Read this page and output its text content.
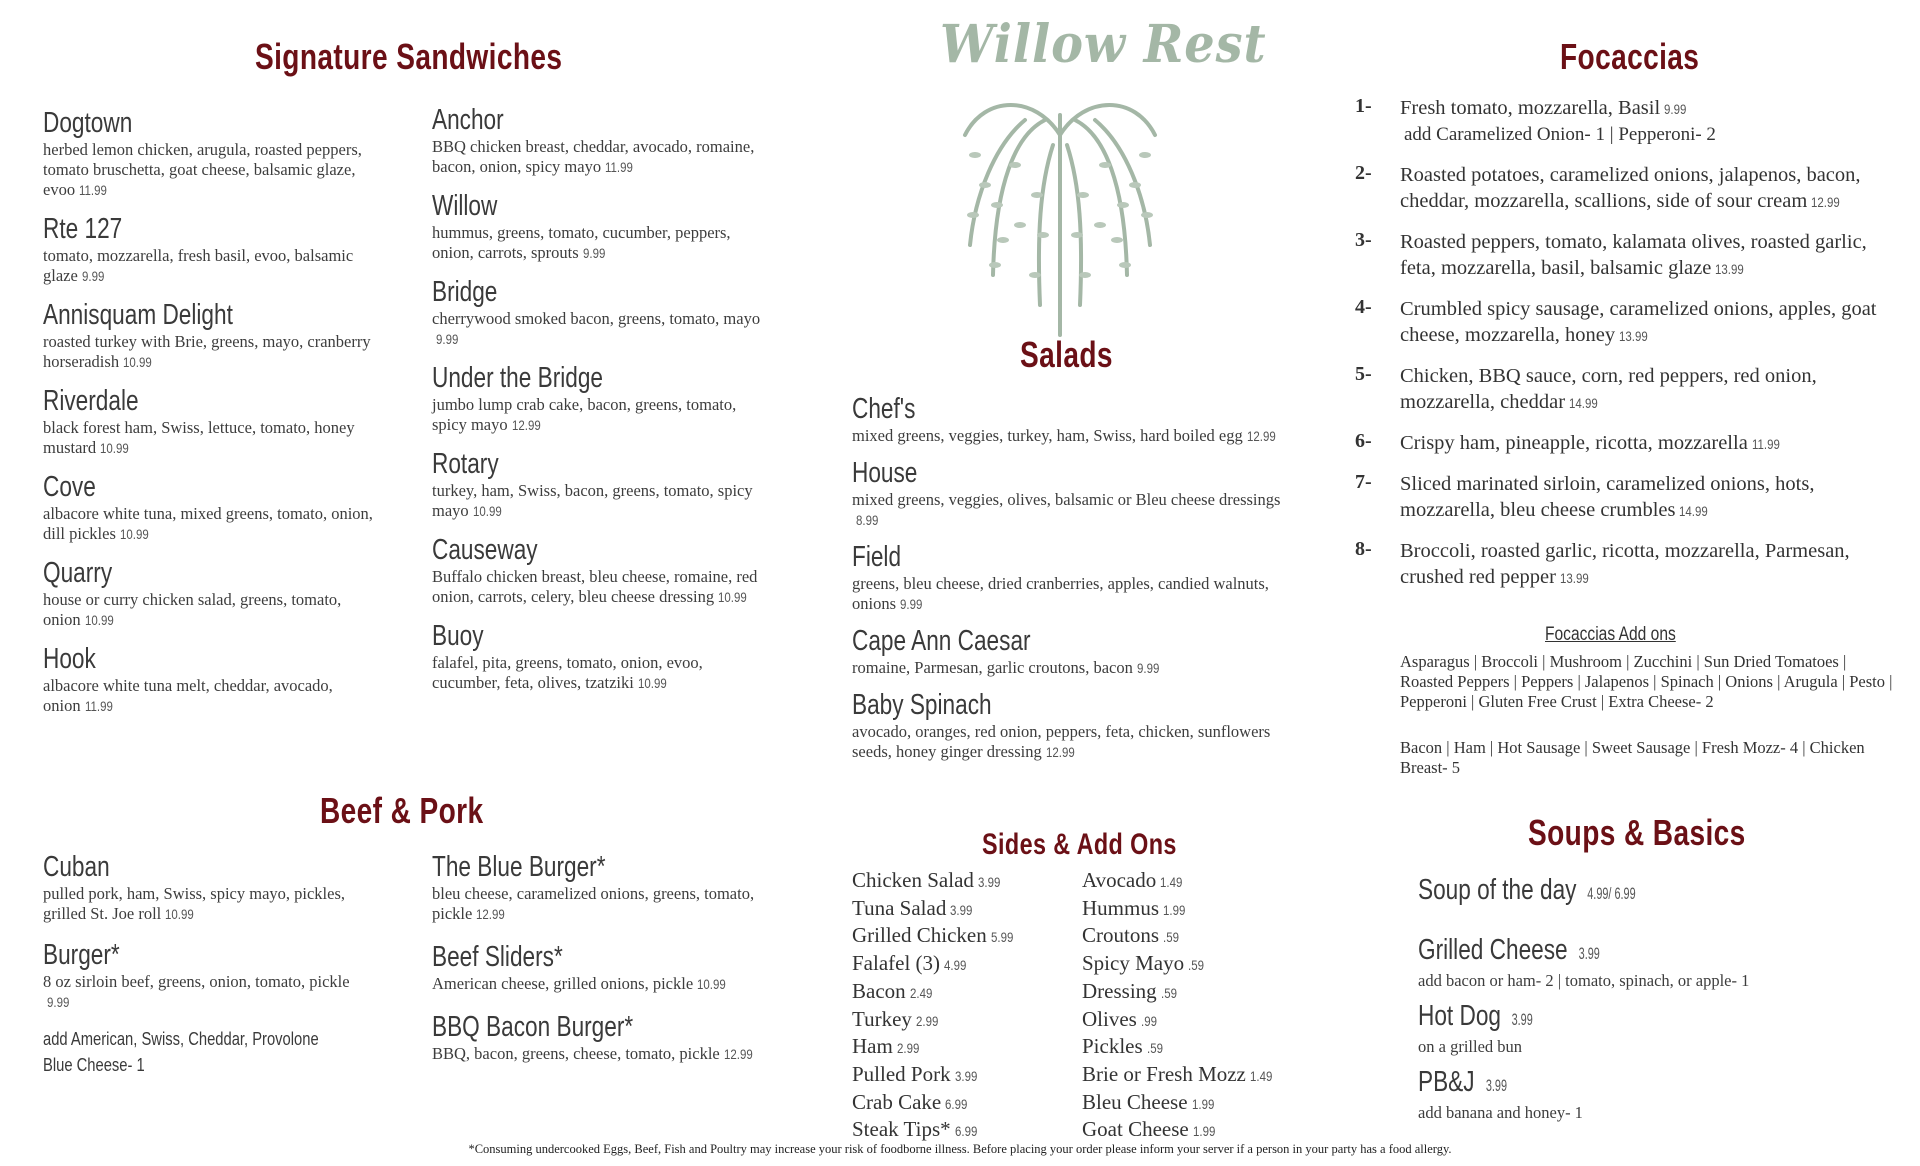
Signature Sandwiches
Dogtown
herbed lemon chicken, arugula, roasted peppers, tomato bruschetta, goat cheese, balsamic glaze, evoo 11.99
Rte 127
tomato, mozzarella, fresh basil, evoo, balsamic glaze 9.99
Annisquam Delight
roasted turkey with Brie, greens, mayo, cranberry horseradish 10.99
Riverdale
black forest ham, Swiss, lettuce, tomato, honey mustard 10.99
Cove
albacore white tuna, mixed greens, tomato, onion, dill pickles 10.99
Quarry
house or curry chicken salad, greens, tomato, onion 10.99
Hook
albacore white tuna melt, cheddar, avocado, onion 11.99
Anchor
BBQ chicken breast, cheddar, avocado, romaine, bacon, onion, spicy mayo 11.99
Willow
hummus, greens, tomato, cucumber, peppers, onion, carrots, sprouts 9.99
Bridge
cherrywood smoked bacon, greens, tomato, mayo9.99
Under the Bridge
jumbo lump crab cake, bacon, greens, tomato, spicy mayo 12.99
Rotary
turkey, ham, Swiss, bacon, greens, tomato, spicy mayo 10.99
Causeway
Buffalo chicken breast, bleu cheese, romaine, red onion, carrots, celery, bleu cheese dressing 10.99
Buoy
falafel, pita, greens, tomato, onion, evoo, cucumber, feta, olives, tzatziki 10.99
Beef & Pork
Cuban
pulled pork, ham, Swiss, spicy mayo, pickles, grilled St. Joe roll 10.99
Burger*
8 oz sirloin beef, greens, onion, tomato, pickle9.99
add American, Swiss, Cheddar, Provolone
Blue Cheese- 1
The Blue Burger*
bleu cheese, caramelized onions, greens, tomato, pickle 12.99
Beef Sliders*
American cheese, grilled onions, pickle 10.99
BBQ Bacon Burger*
BBQ, bacon, greens, cheese, tomato, pickle 12.99
Willow Rest
Salads
Chef's
mixed greens, veggies, turkey, ham, Swiss, hard boiled egg 12.99
House
mixed greens, veggies, olives, balsamic or Bleu cheese dressings8.99
Field
greens, bleu cheese, dried cranberries, apples, candied walnuts, onions 9.99
Cape Ann Caesar
romaine, Parmesan, garlic croutons, bacon 9.99
Baby Spinach
avocado, oranges, red onion, peppers, feta, chicken, sunflowers seeds, honey ginger dressing 12.99
Sides & Add Ons
Chicken Salad 3.99
Tuna Salad 3.99
Grilled Chicken 5.99
Falafel (3) 4.99
Bacon 2.49
Turkey 2.99
Ham 2.99
Pulled Pork 3.99
Crab Cake 6.99
Steak Tips* 6.99
Avocado 1.49
Hummus 1.99
Croutons .59
Spicy Mayo .59
Dressing .59
Olives .99
Pickles .59
Brie or Fresh Mozz 1.49
Bleu Cheese 1.99
Goat Cheese 1.99
Focaccias
1-	Fresh tomato, mozzarella, Basil 9.99
add Caramelized Onion- 1 | Pepperoni- 2
2-	Roasted potatoes, caramelized onions, jalapenos, bacon, cheddar, mozzarella, scallions, side of sour cream 12.99
3-	Roasted peppers, tomato, kalamata olives, roasted garlic, feta, mozzarella, basil, balsamic glaze 13.99
4-	Crumbled spicy sausage, caramelized onions, apples, goat cheese, mozzarella, honey 13.99
5-	Chicken, BBQ sauce, corn, red peppers, red onion, mozzarella, cheddar 14.99
6-	Crispy ham, pineapple, ricotta, mozzarella 11.99
7-	Sliced marinated sirloin, caramelized onions, hots, mozzarella, bleu cheese crumbles 14.99
8-	Broccoli, roasted garlic, ricotta, mozzarella, Parmesan, crushed red pepper 13.99
Focaccias Add ons
Asparagus | Broccoli | Mushroom | Zucchini | Sun Dried Tomatoes | Roasted Peppers | Peppers | Jalapenos | Spinach | Onions | Arugula | Pesto | Pepperoni | Gluten Free Crust | Extra Cheese- 2
Bacon | Ham | Hot Sausage | Sweet Sausage | Fresh Mozz- 4 | Chicken Breast- 5
Soups & Basics
Soup of the day 4.99/ 6.99
Grilled Cheese 3.99
add bacon or ham- 2 | tomato, spinach, or apple- 1
Hot Dog 3.99
on a grilled bun
PB&J 3.99
add banana and honey- 1
*Consuming undercooked Eggs, Beef, Fish and Poultry may increase your risk of foodborne illness. Before placing your order please inform your server if a person in your party has a food allergy.
